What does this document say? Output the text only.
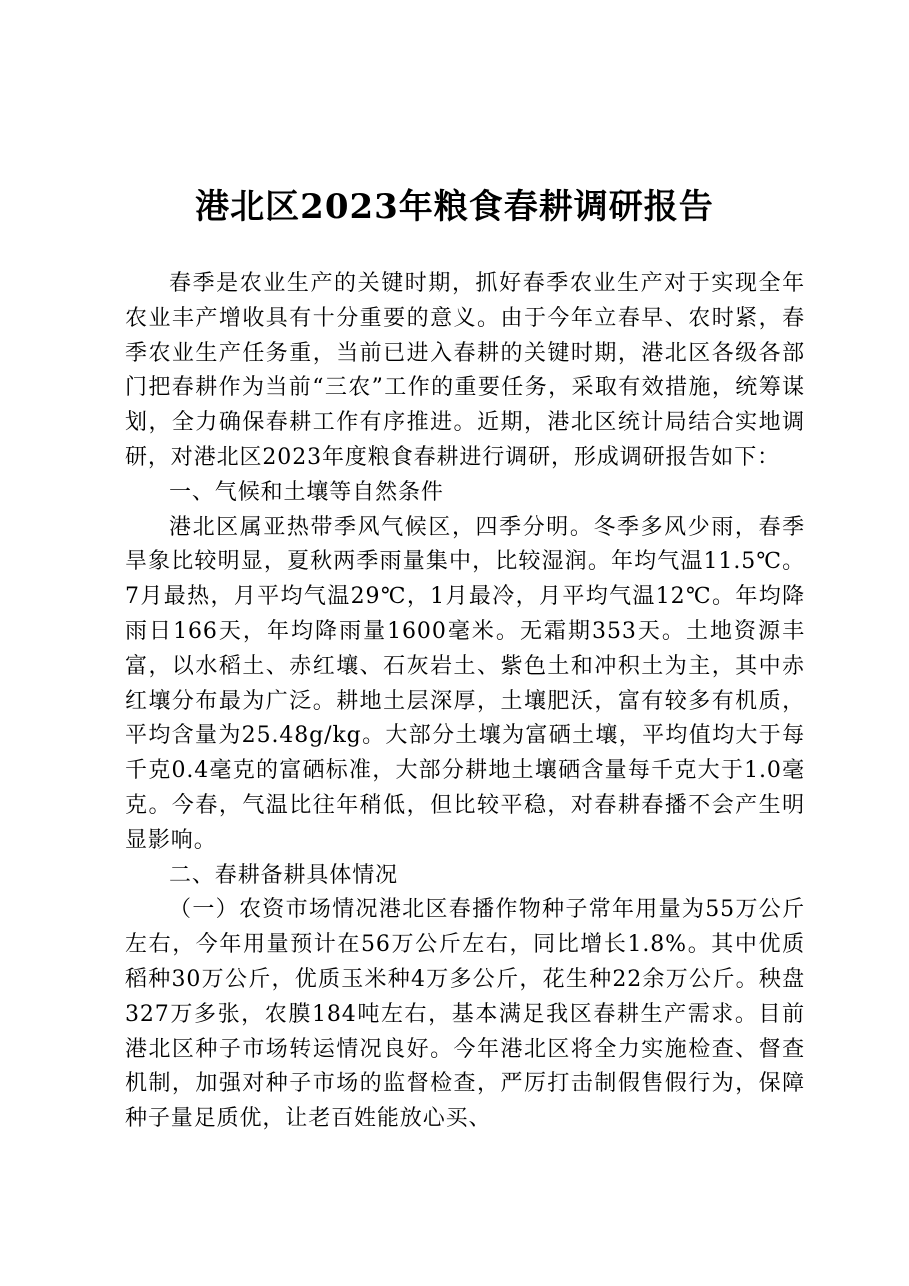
港北区2023年粮食春耕调研报告

春季是农业生产的关键时期，抓好春季农业生产对于实现全年农业丰产增收具有十分重要的意义。由于今年立春早、农时紧，春季农业生产任务重，当前已进入春耕的关键时期，港北区各级各部门把春耕作为当前“三农”工作的重要任务，采取有效措施，统筹谋划，全力确保春耕工作有序推进。近期，港北区统计局结合实地调研，对港北区2023年度粮食春耕进行调研，形成调研报告如下：

一、气候和土壤等自然条件

港北区属亚热带季风气候区，四季分明。冬季多风少雨，春季旱象比较明显，夏秋两季雨量集中，比较湿润。年均气温11.5℃。7月最热，月平均气温29℃，1月最冷，月平均气温12℃。年均降雨日166天，年均降雨量1600毫米。无霜期353天。土地资源丰富，以水稻土、赤红壤、石灰岩土、紫色土和冲积土为主，其中赤红壤分布最为广泛。耕地土层深厚，土壤肥沃，富有较多有机质，平均含量为25.48g/kg。大部分土壤为富硒土壤，平均值均大于每千克0.4毫克的富硒标准，大部分耕地土壤硒含量每千克大于1.0毫克。今春，气温比往年稍低，但比较平稳，对春耕春播不会产生明显影响。

二、春耕备耕具体情况

（一）农资市场情况港北区春播作物种子常年用量为55万公斤左右，今年用量预计在56万公斤左右，同比增长1.8%。其中优质稻种30万公斤，优质玉米种4万多公斤，花生种22余万公斤。秧盘327万多张，农膜184吨左右，基本满足我区春耕生产需求。目前港北区种子市场转运情况良好。今年港北区将全力实施检查、督查机制，加强对种子市场的监督检查，严厉打击制假售假行为，保障种子量足质优，让老百姓能放心买、
